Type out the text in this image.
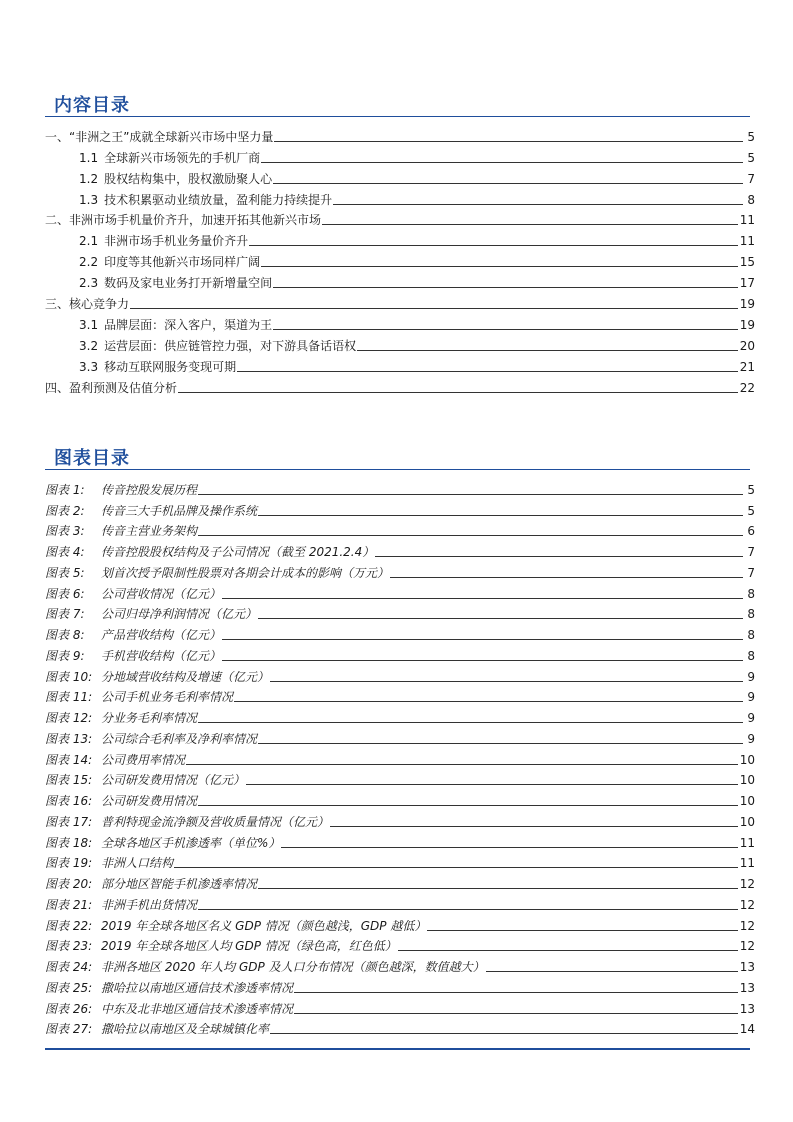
内容目录
一、“非洲之王”成就全球新兴市场中坚力量	5
1.1 全球新兴市场领先的手机厂商	5
1.2 股权结构集中，股权激励聚人心	7
1.3 技术积累驱动业绩放量，盈利能力持续提升	8
二、非洲市场手机量价齐升，加速开拓其他新兴市场	11
2.1 非洲市场手机业务量价齐升	11
2.2 印度等其他新兴市场同样广阔	15
2.3 数码及家电业务打开新增量空间	17
三、核心竞争力	19
3.1 品牌层面：深入客户，渠道为王	19
3.2 运营层面：供应链管控力强，对下游具备话语权	20
3.3 移动互联网服务变现可期	21
四、盈利预测及估值分析	22
图表目录
图表 1: 传音控股发展历程	5
图表 2: 传音三大手机品牌及操作系统	5
图表 3: 传音主营业务架构	6
图表 4: 传音控股股权结构及子公司情况（截至 2021.2.4）	7
图表 5: 划首次授予限制性股票对各期会计成本的影响（万元）	7
图表 6: 公司营收情况（亿元）	8
图表 7: 公司归母净利润情况（亿元）	8
图表 8: 产品营收结构（亿元）	8
图表 9: 手机营收结构（亿元）	8
图表 10: 分地域营收结构及增速（亿元）	9
图表 11: 公司手机业务毛利率情况	9
图表 12: 分业务毛利率情况	9
图表 13: 公司综合毛利率及净利率情况	9
图表 14: 公司费用率情况	10
图表 15: 公司研发费用情况（亿元）	10
图表 16: 公司研发费用情况	10
图表 17: 普利特现金流净额及营收质量情况（亿元）	10
图表 18: 全球各地区手机渗透率（单位%）	11
图表 19: 非洲人口结构	11
图表 20: 部分地区智能手机渗透率情况	12
图表 21: 非洲手机出货情况	12
图表 22: 2019 年全球各地区名义 GDP 情况（颜色越浅，GDP 越低）	12
图表 23: 2019 年全球各地区人均 GDP 情况（绿色高，红色低）	12
图表 24: 非洲各地区 2020 年人均 GDP 及人口分布情况（颜色越深，数值越大）	13
图表 25: 撒哈拉以南地区通信技术渗透率情况	13
图表 26: 中东及北非地区通信技术渗透率情况	13
图表 27: 撒哈拉以南地区及全球城镇化率	14
